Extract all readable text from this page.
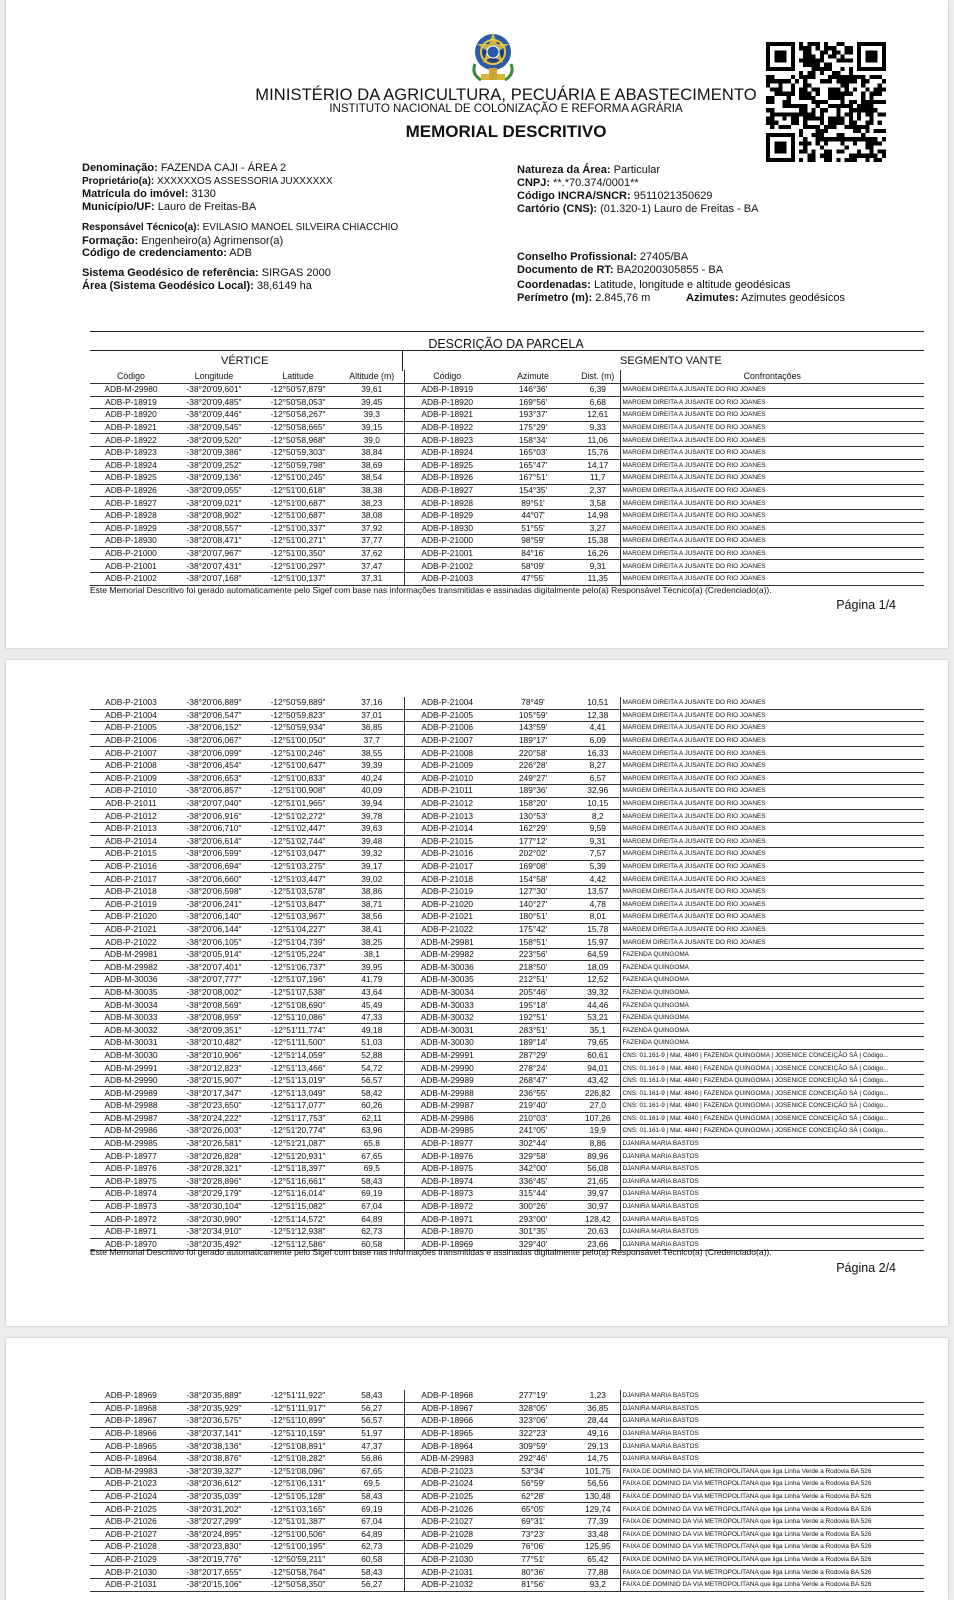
MINISTÉRIO DA AGRICULTURA, PECUÁRIA E ABASTECIMENTO
INSTITUTO NACIONAL DE COLONIZAÇÃO E REFORMA AGRÁRIA
MEMORIAL DESCRITIVO
Denominação: FAZENDA CAJI - ÁREA 2
Proprietário(a): XXXXXXOS ASSESSORIA JUXXXXXX
Matrícula do imóvel: 3130
Município/UF: Lauro de Freitas-BA
Responsável Técnico(a): EVILASIO MANOEL SILVEIRA CHIACCHIO
Formação: Engenheiro(a) Agrimensor(a)
Código de credenciamento: ADB
Sistema Geodésico de referência: SIRGAS 2000
Área (Sistema Geodésico Local): 38,6149 ha
Natureza da Área: Particular
CNPJ: **.*70.374/0001**
Código INCRA/SNCR: 9511021350629
Cartório (CNS): (01.320-1) Lauro de Freitas - BA
Conselho Profissional: 27405/BA
Documento de RT: BA20200305855 - BA
Coordenadas: Latitude, longitude e altitude geodésicas
Perímetro (m): 2.845,76 m	Azimutes: Azimutes geodésicos
DESCRIÇÃO DA PARCELA
VÉRTICE	SEGMENTO VANTE
Código	Longitude	Latitude	Altitude (m)	Código	Azimute	Dist. (m)	Confrontações
ADB-M-29980	-38°20'09,601"	-12°50'57,879"	39,61	ADB-P-18919	146°36'	6,39	MARGEM DIREITA A JUSANTE DO RIO JOANES
ADB-P-18919	-38°20'09,485"	-12°50'58,053"	39,45	ADB-P-18920	169°56'	6,68	MARGEM DIREITA A JUSANTE DO RIO JOANES
ADB-P-18920	-38°20'09,446"	-12°50'58,267"	39,3	ADB-P-18921	193°37'	12,61	MARGEM DIREITA A JUSANTE DO RIO JOANES
ADB-P-18921	-38°20'09,545"	-12°50'58,665"	39,15	ADB-P-18922	175°29'	9,33	MARGEM DIREITA A JUSANTE DO RIO JOANES
ADB-P-18922	-38°20'09,520"	-12°50'58,968"	39,0	ADB-P-18923	158°34'	11,06	MARGEM DIREITA A JUSANTE DO RIO JOANES
ADB-P-18923	-38°20'09,386"	-12°50'59,303"	38,84	ADB-P-18924	165°03'	15,76	MARGEM DIREITA A JUSANTE DO RIO JOANES
ADB-P-18924	-38°20'09,252"	-12°50'59,798"	38,69	ADB-P-18925	165°47'	14,17	MARGEM DIREITA A JUSANTE DO RIO JOANES
ADB-P-18925	-38°20'09,136"	-12°51'00,245"	38,54	ADB-P-18926	167°51'	11,7	MARGEM DIREITA A JUSANTE DO RIO JOANES
ADB-P-18926	-38°20'09,055"	-12°51'00,618"	38,38	ADB-P-18927	154°35'	2,37	MARGEM DIREITA A JUSANTE DO RIO JOANES
ADB-P-18927	-38°20'09,021"	-12°51'00,687"	38,23	ADB-P-18928	89°51'	3,58	MARGEM DIREITA A JUSANTE DO RIO JOANES
ADB-P-18928	-38°20'08,902"	-12°51'00,687"	38,08	ADB-P-18929	44°07'	14,98	MARGEM DIREITA A JUSANTE DO RIO JOANES
ADB-P-18929	-38°20'08,557"	-12°51'00,337"	37,92	ADB-P-18930	51°55'	3,27	MARGEM DIREITA A JUSANTE DO RIO JOANES
ADB-P-18930	-38°20'08,471"	-12°51'00,271"	37,77	ADB-P-21000	98°59'	15,38	MARGEM DIREITA A JUSANTE DO RIO JOANES
ADB-P-21000	-38°20'07,967"	-12°51'00,350"	37,62	ADB-P-21001	84°16'	16,26	MARGEM DIREITA A JUSANTE DO RIO JOANES
ADB-P-21001	-38°20'07,431"	-12°51'00,297"	37,47	ADB-P-21002	58°09'	9,31	MARGEM DIREITA A JUSANTE DO RIO JOANES
ADB-P-21002	-38°20'07,168"	-12°51'00,137"	37,31	ADB-P-21003	47°55'	11,35	MARGEM DIREITA A JUSANTE DO RIO JOANES
Este Memorial Descritivo foi gerado automaticamente pelo Sigef com base nas informações transmitidas e assinadas digitalmente pelo(a) Responsável Técnico(a) (Credenciado(a)).
Página 1/4
ADB-P-21003	-38°20'06,889"	-12°50'59,889"	37,16	ADB-P-21004	78°49'	10,51	MARGEM DIREITA A JUSANTE DO RIO JOANES
ADB-P-21004	-38°20'06,547"	-12°50'59,823"	37,01	ADB-P-21005	105°59'	12,38	MARGEM DIREITA A JUSANTE DO RIO JOANES
ADB-P-21005	-38°20'06,152"	-12°50'59,934"	36,85	ADB-P-21006	143°59'	4,41	MARGEM DIREITA A JUSANTE DO RIO JOANES
ADB-P-21006	-38°20'06,067"	-12°51'00,050"	37,7	ADB-P-21007	189°17'	6,09	MARGEM DIREITA A JUSANTE DO RIO JOANES
ADB-P-21007	-38°20'06,099"	-12°51'00,246"	38,55	ADB-P-21008	220°58'	16,33	MARGEM DIREITA A JUSANTE DO RIO JOANES
ADB-P-21008	-38°20'06,454"	-12°51'00,647"	39,39	ADB-P-21009	226°28'	8,27	MARGEM DIREITA A JUSANTE DO RIO JOANES
ADB-P-21009	-38°20'06,653"	-12°51'00,833"	40,24	ADB-P-21010	249°27'	6,57	MARGEM DIREITA A JUSANTE DO RIO JOANES
ADB-P-21010	-38°20'06,857"	-12°51'00,908"	40,09	ADB-P-21011	189°36'	32,96	MARGEM DIREITA A JUSANTE DO RIO JOANES
ADB-P-21011	-38°20'07,040"	-12°51'01,965"	39,94	ADB-P-21012	158°20'	10,15	MARGEM DIREITA A JUSANTE DO RIO JOANES
ADB-P-21012	-38°20'06,916"	-12°51'02,272"	39,78	ADB-P-21013	130°53'	8,2	MARGEM DIREITA A JUSANTE DO RIO JOANES
ADB-P-21013	-38°20'06,710"	-12°51'02,447"	39,63	ADB-P-21014	162°29'	9,59	MARGEM DIREITA A JUSANTE DO RIO JOANES
ADB-P-21014	-38°20'06,614"	-12°51'02,744"	39,48	ADB-P-21015	177°12'	9,31	MARGEM DIREITA A JUSANTE DO RIO JOANES
ADB-P-21015	-38°20'06,599"	-12°51'03,047"	39,32	ADB-P-21016	202°02'	7,57	MARGEM DIREITA A JUSANTE DO RIO JOANES
ADB-P-21016	-38°20'06,694"	-12°51'03,275"	39,17	ADB-P-21017	169°08'	5,39	MARGEM DIREITA A JUSANTE DO RIO JOANES
ADB-P-21017	-38°20'06,660"	-12°51'03,447"	39,02	ADB-P-21018	154°58'	4,42	MARGEM DIREITA A JUSANTE DO RIO JOANES
ADB-P-21018	-38°20'06,598"	-12°51'03,578"	38,86	ADB-P-21019	127°30'	13,57	MARGEM DIREITA A JUSANTE DO RIO JOANES
ADB-P-21019	-38°20'06,241"	-12°51'03,847"	38,71	ADB-P-21020	140°27'	4,78	MARGEM DIREITA A JUSANTE DO RIO JOANES
ADB-P-21020	-38°20'06,140"	-12°51'03,967"	38,56	ADB-P-21021	180°51'	8,01	MARGEM DIREITA A JUSANTE DO RIO JOANES
ADB-P-21021	-38°20'06,144"	-12°51'04,227"	38,41	ADB-P-21022	175°42'	15,78	MARGEM DIREITA A JUSANTE DO RIO JOANES
ADB-P-21022	-38°20'06,105"	-12°51'04,739"	38,25	ADB-M-29981	158°51'	15,97	MARGEM DIREITA A JUSANTE DO RIO JOANES
ADB-M-29981	-38°20'05,914"	-12°51'05,224"	38,1	ADB-M-29982	223°56'	64,59	FAZENDA QUINGOMA
ADB-M-29982	-38°20'07,401"	-12°51'06,737"	39,95	ADB-M-30036	218°50'	18,09	FAZENDA QUINGOMA
ADB-M-30036	-38°20'07,777"	-12°51'07,196"	41,79	ADB-M-30035	212°51'	12,52	FAZENDA QUINGOMA
ADB-M-30035	-38°20'08,002"	-12°51'07,538"	43,64	ADB-M-30034	205°46'	39,32	FAZENDA QUINGOMA
ADB-M-30034	-38°20'08,569"	-12°51'08,690"	45,49	ADB-M-30033	195°18'	44,46	FAZENDA QUINGOMA
ADB-M-30033	-38°20'08,959"	-12°51'10,086"	47,33	ADB-M-30032	192°51'	53,21	FAZENDA QUINGOMA
ADB-M-30032	-38°20'09,351"	-12°51'11,774"	49,18	ADB-M-30031	283°51'	35,1	FAZENDA QUINGOMA
ADB-M-30031	-38°20'10,482"	-12°51'11,500"	51,03	ADB-M-30030	189°14'	79,65	FAZENDA QUINGOMA
ADB-M-30030	-38°20'10,906"	-12°51'14,059"	52,88	ADB-M-29991	287°29'	60,61	CNS: 01.161-9 | Mat. 4840 | FAZENDA QUINGOMA | JOSENICE CONCEIÇÃO SÁ | Código...
ADB-M-29991	-38°20'12,823"	-12°51'13,466"	54,72	ADB-M-29990	278°24'	94,01	CNS: 01.161-9 | Mat. 4840 | FAZENDA QUINGOMA | JOSENICE CONCEIÇÃO SÁ | Código...
ADB-M-29990	-38°20'15,907"	-12°51'13,019"	56,57	ADB-M-29989	268°47'	43,42	CNS: 01.161-9 | Mat. 4840 | FAZENDA QUINGOMA | JOSENICE CONCEIÇÃO SÁ | Código...
ADB-M-29989	-38°20'17,347"	-12°51'13,049"	58,42	ADB-M-29988	236°55'	226,82	CNS: 01.161-9 | Mat. 4840 | FAZENDA QUINGOMA | JOSENICE CONCEIÇÃO SÁ | Código...
ADB-M-29988	-38°20'23,650"	-12°51'17,077"	60,26	ADB-M-29987	219°40'	27,0	CNS: 01.161-9 | Mat. 4840 | FAZENDA QUINGOMA | JOSENICE CONCEIÇÃO SÁ | Código...
ADB-M-29987	-38°20'24,222"	-12°51'17,753"	62,11	ADB-M-29986	210°03'	107,26	CNS: 01.161-9 | Mat. 4840 | FAZENDA QUINGOMA | JOSENICE CONCEIÇÃO SÁ | Código...
ADB-M-29986	-38°20'26,003"	-12°51'20,774"	63,96	ADB-M-29985	241°05'	19,9	CNS: 01.161-9 | Mat. 4840 | FAZENDA QUINGOMA | JOSENICE CONCEIÇÃO SÁ | Código...
ADB-M-29985	-38°20'26,581"	-12°51'21,087"	65,8	ADB-P-18977	302°44'	8,86	DJANIRA MARIA BASTOS
ADB-P-18977	-38°20'26,828"	-12°51'20,931"	67,65	ADB-P-18976	329°58'	89,96	DJANIRA MARIA BASTOS
ADB-P-18976	-38°20'28,321"	-12°51'18,397"	69,5	ADB-P-18975	342°00'	56,08	DJANIRA MARIA BASTOS
ADB-P-18975	-38°20'28,896"	-12°51'16,661"	58,43	ADB-P-18974	336°45'	21,65	DJANIRA MARIA BASTOS
ADB-P-18974	-38°20'29,179"	-12°51'16,014"	69,19	ADB-P-18973	315°44'	39,97	DJANIRA MARIA BASTOS
ADB-P-18973	-38°20'30,104"	-12°51'15,082"	67,04	ADB-P-18972	300°26'	30,97	DJANIRA MARIA BASTOS
ADB-P-18972	-38°20'30,990"	-12°51'14,572"	64,89	ADB-P-18971	293°00'	128,42	DJANIRA MARIA BASTOS
ADB-P-18971	-38°20'34,910"	-12°51'12,938"	62,73	ADB-P-18970	301°35'	20,63	DJANIRA MARIA BASTOS
ADB-P-18970	-38°20'35,492"	-12°51'12,586"	60,58	ADB-P-18969	329°40'	23,66	DJANIRA MARIA BASTOS
Este Memorial Descritivo foi gerado automaticamente pelo Sigef com base nas informações transmitidas e assinadas digitalmente pelo(a) Responsável Técnico(a) (Credenciado(a)).
Página 2/4
ADB-P-18969	-38°20'35,889"	-12°51'11,922"	58,43	ADB-P-18968	277°19'	1,23	DJANIRA MARIA BASTOS
ADB-P-18968	-38°20'35,929"	-12°51'11,917"	56,27	ADB-P-18967	328°05'	36,85	DJANIRA MARIA BASTOS
ADB-P-18967	-38°20'36,575"	-12°51'10,899"	56,57	ADB-P-18966	323°06'	28,44	DJANIRA MARIA BASTOS
ADB-P-18966	-38°20'37,141"	-12°51'10,159"	51,97	ADB-P-18965	322°23'	49,16	DJANIRA MARIA BASTOS
ADB-P-18965	-38°20'38,136"	-12°51'08,891"	47,37	ADB-P-18964	309°59'	29,13	DJANIRA MARIA BASTOS
ADB-P-18964	-38°20'38,876"	-12°51'08,282"	56,86	ADB-M-29983	292°46'	14,75	DJANIRA MARIA BASTOS
ADB-M-29983	-38°20'39,327"	-12°51'08,096"	67,65	ADB-P-21023	53°34'	101,75	FAIXA DE DOMINIO DA VIA METROPOLITANA que liga Linha Verde a Rodovia BA 526
ADB-P-21023	-38°20'36,612"	-12°51'06,131"	69,5	ADB-P-21024	56°59'	56,56	FAIXA DE DOMINIO DA VIA METROPOLITANA que liga Linha Verde a Rodovia BA 526
ADB-P-21024	-38°20'35,039"	-12°51'05,128"	58,43	ADB-P-21025	62°28'	130,48	FAIXA DE DOMINIO DA VIA METROPOLITANA que liga Linha Verde a Rodovia BA 526
ADB-P-21025	-38°20'31,202"	-12°51'03,165"	69,19	ADB-P-21026	65°05'	129,74	FAIXA DE DOMINIO DA VIA METROPOLITANA que liga Linha Verde a Rodovia BA 526
ADB-P-21026	-38°20'27,299"	-12°51'01,387"	67,04	ADB-P-21027	69°31'	77,39	FAIXA DE DOMINIO DA VIA METROPOLITANA que liga Linha Verde a Rodovia BA 526
ADB-P-21027	-38°20'24,895"	-12°51'00,506"	64,89	ADB-P-21028	73°23'	33,48	FAIXA DE DOMINIO DA VIA METROPOLITANA que liga Linha Verde a Rodovia BA 526
ADB-P-21028	-38°20'23,830"	-12°51'00,195"	62,73	ADB-P-21029	76°06'	125,95	FAIXA DE DOMINIO DA VIA METROPOLITANA que liga Linha Verde a Rodovia BA 526
ADB-P-21029	-38°20'19,776"	-12°50'59,211"	60,58	ADB-P-21030	77°51'	65,42	FAIXA DE DOMINIO DA VIA METROPOLITANA que liga Linha Verde a Rodovia BA 526
ADB-P-21030	-38°20'17,655"	-12°50'58,764"	58,43	ADB-P-21031	80°36'	77,88	FAIXA DE DOMINIO DA VIA METROPOLITANA que liga Linha Verde a Rodovia BA 526
ADB-P-21031	-38°20'15,106"	-12°50'58,350"	56,27	ADB-P-21032	81°56'	93,2	FAIXA DE DOMINIO DA VIA METROPOLITANA que liga Linha Verde a Rodovia BA 526
